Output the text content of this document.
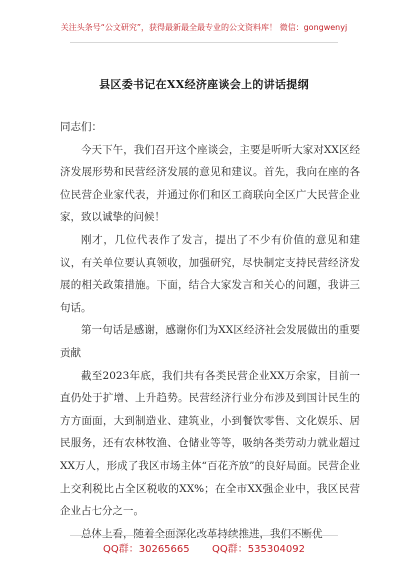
关注头条号“公文研究”，获得最新最全最专业的公文资料库！ 微信：gongwenyj
县区委书记在XX经济座谈会上的讲话提纲

同志们：

今天下午，我们召开这个座谈会，主要是听听大家对XX区经济发展形势和民营经济发展的意见和建议。首先，我向在座的各位民营企业家代表，并通过你们和区工商联向全区广大民营企业家，致以诚挚的问候！

刚才，几位代表作了发言，提出了不少有价值的意见和建议，有关单位要认真领收，加强研究，尽快制定支持民营经济发展的相关政策措施。下面，结合大家发言和关心的问题，我讲三句话。

第一句话是感谢，感谢你们为XX区经济社会发展做出的重要贡献

截至2023年底，我们共有各类民营企业XX万余家，目前一直仍处于扩增、上升趋势。民营经济行业分布涉及到国计民生的方方面面，大到制造业、建筑业，小到餐饮零售、文化娱乐、居民服务，还有农林牧渔、仓储业等等，吸纳各类劳动力就业超过XX万人，形成了我区市场主体“百花齐放”的良好局面。民营企业上交利税比占全区税收的XX%；在全市XX强企业中，我区民营企业占七分之一。

总体上看，随着全面深化改革持续推进，我们不断优

QQ群：30265665 QQ群：535304092
